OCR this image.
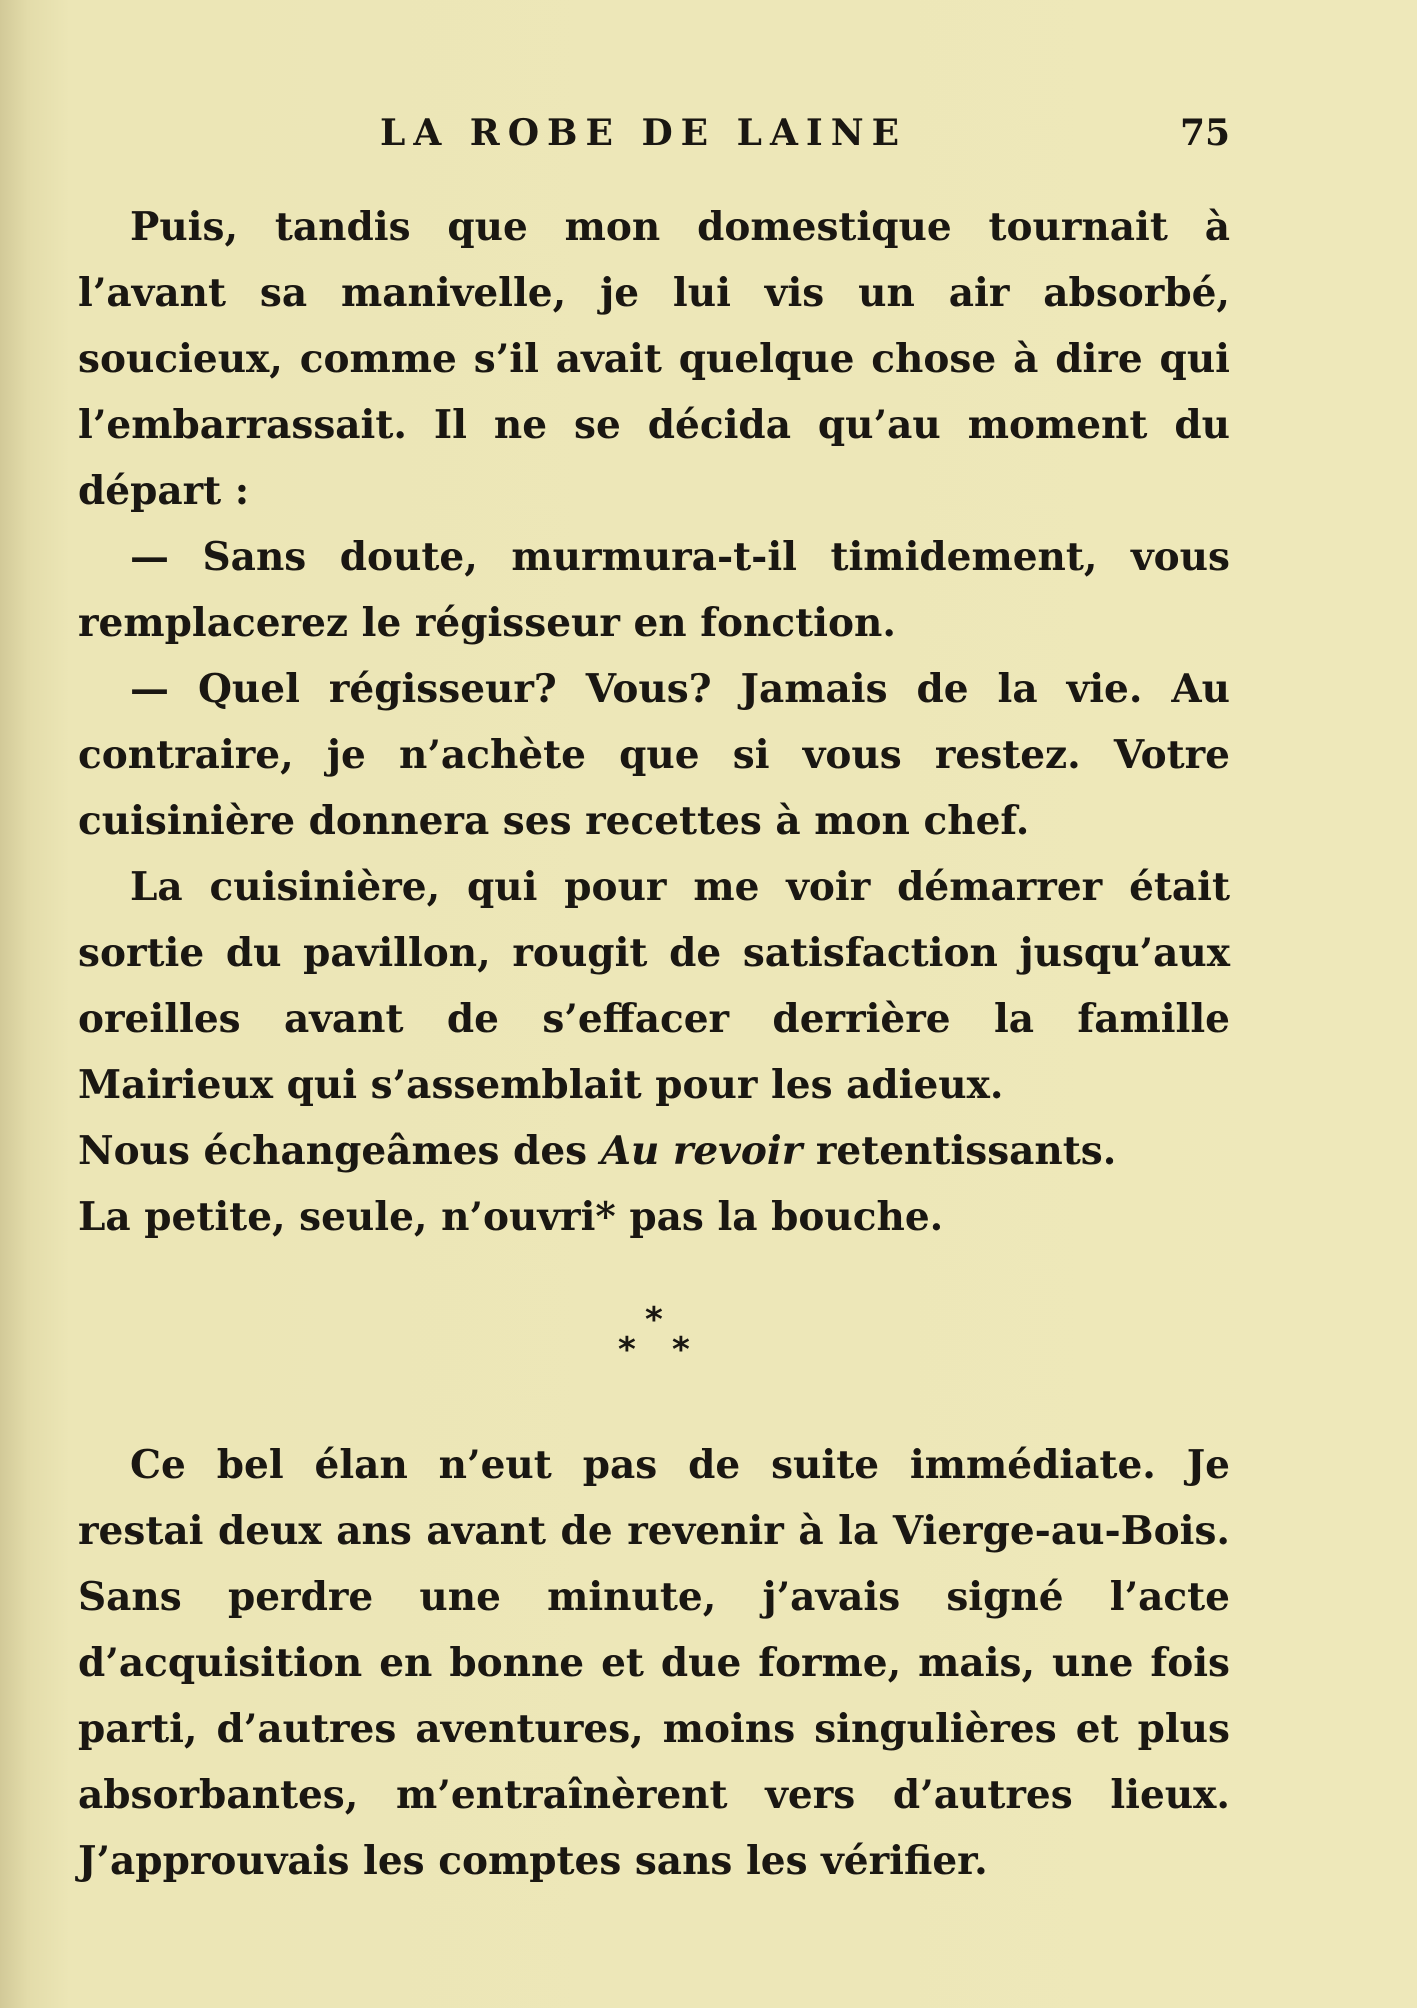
LA ROBE DE LAINE	75

Puis, tandis que mon domestique tournait à l’avant sa manivelle, je lui vis un air absorbé, soucieux, comme s’il avait quelque chose à dire qui l’embarrassait. Il ne se décida qu’au moment du départ :

— Sans doute, murmura-t-il timidement, vous remplacerez le régisseur en fonction.

— Quel régisseur? Vous? Jamais de la vie. Au contraire, je n’achète que si vous restez. Votre cuisinière donnera ses recettes à mon chef.

La cuisinière, qui pour me voir démarrer était sortie du pavillon, rougit de satisfaction jusqu’aux oreilles avant de s’effacer derrière la famille Mairieux qui s’assemblait pour les adieux.

Nous échangeâmes des Au revoir retentissants.

La petite, seule, n’ouvri* pas la bouche.

*
* *

Ce bel élan n’eut pas de suite immédiate. Je restai deux ans avant de revenir à la Vierge-au-Bois. Sans perdre une minute, j’avais signé l’acte d’acquisition en bonne et due forme, mais, une fois parti, d’autres aventures, moins singulières et plus absorbantes, m’entraînèrent vers d’autres lieux. J’approuvais les comptes sans les vérifier.
